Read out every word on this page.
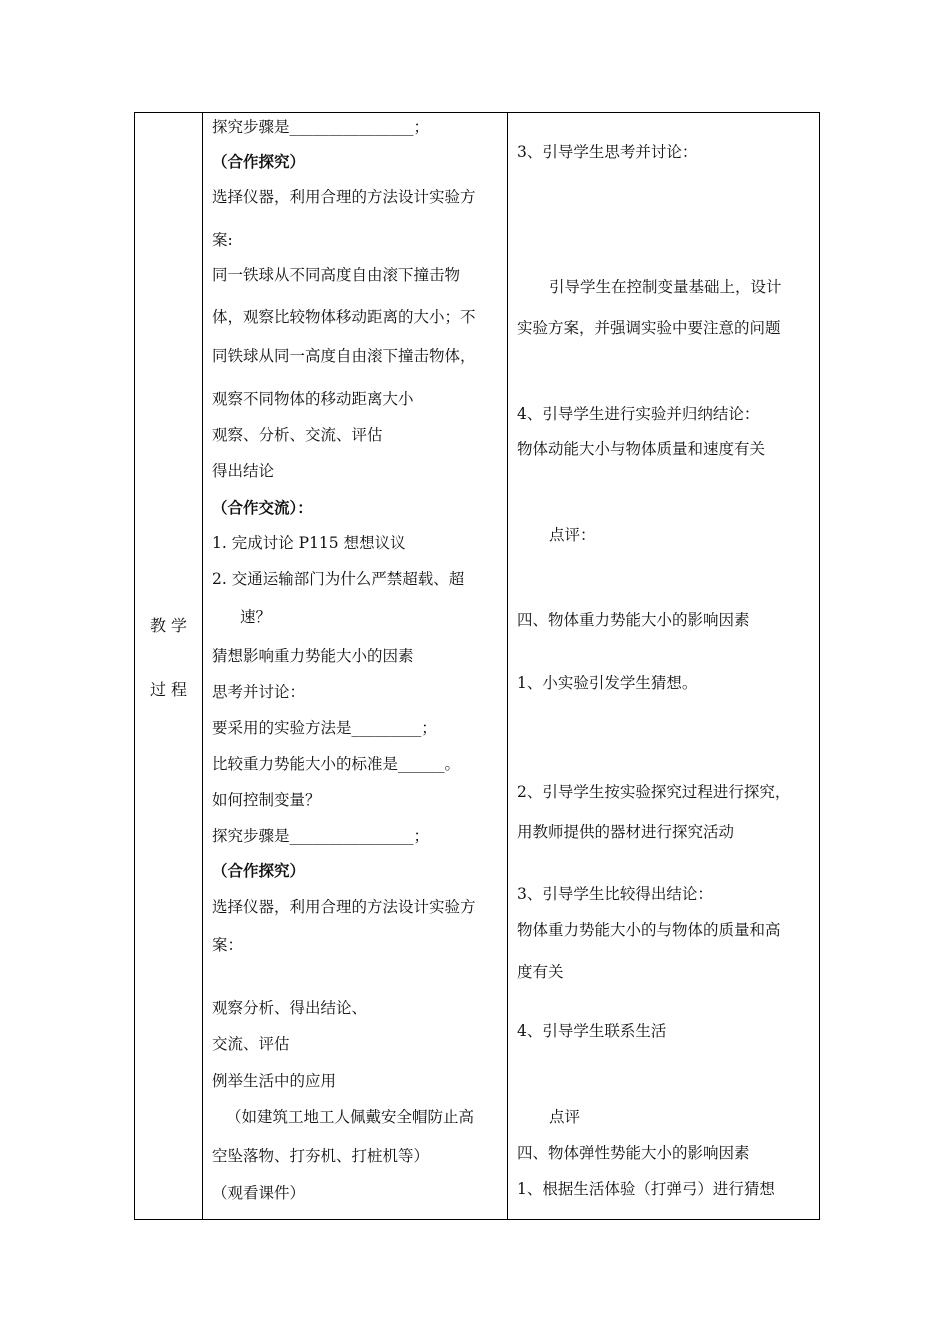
教 学
过 程
探究步骤是________________；
（合作探究）
选择仪器，利用合理的方法设计实验方
案:
同一铁球从不同高度自由滚下撞击物
体，观察比较物体移动距离的大小；不
同铁球从同一高度自由滚下撞击物体，
观察不同物体的移动距离大小
观察、分析、交流、评估
得出结论
（合作交流）：
1. 完成讨论 P115 想想议议
2. 交通运输部门为什么严禁超载、超
速？
猜想影响重力势能大小的因素
思考并讨论：
要采用的实验方法是_________；
比较重力势能大小的标准是______。
如何控制变量？
探究步骤是________________；
（合作探究）
选择仪器，利用合理的方法设计实验方
案：
观察分析、得出结论、
交流、评估
例举生活中的应用
（如建筑工地工人佩戴安全帽防止高
空坠落物、打夯机、打桩机等）
（观看课件）
3、引导学生思考并讨论：
引导学生在控制变量基础上，设计
实验方案，并强调实验中要注意的问题
4、引导学生进行实验并归纳结论：
物体动能大小与物体质量和速度有关
点评：
四、物体重力势能大小的影响因素
1、小实验引发学生猜想。
2、引导学生按实验探究过程进行探究，
用教师提供的器材进行探究活动
3、引导学生比较得出结论：
物体重力势能大小的与物体的质量和高
度有关
4、引导学生联系生活
点评
四、物体弹性势能大小的影响因素
1、根据生活体验（打弹弓）进行猜想
